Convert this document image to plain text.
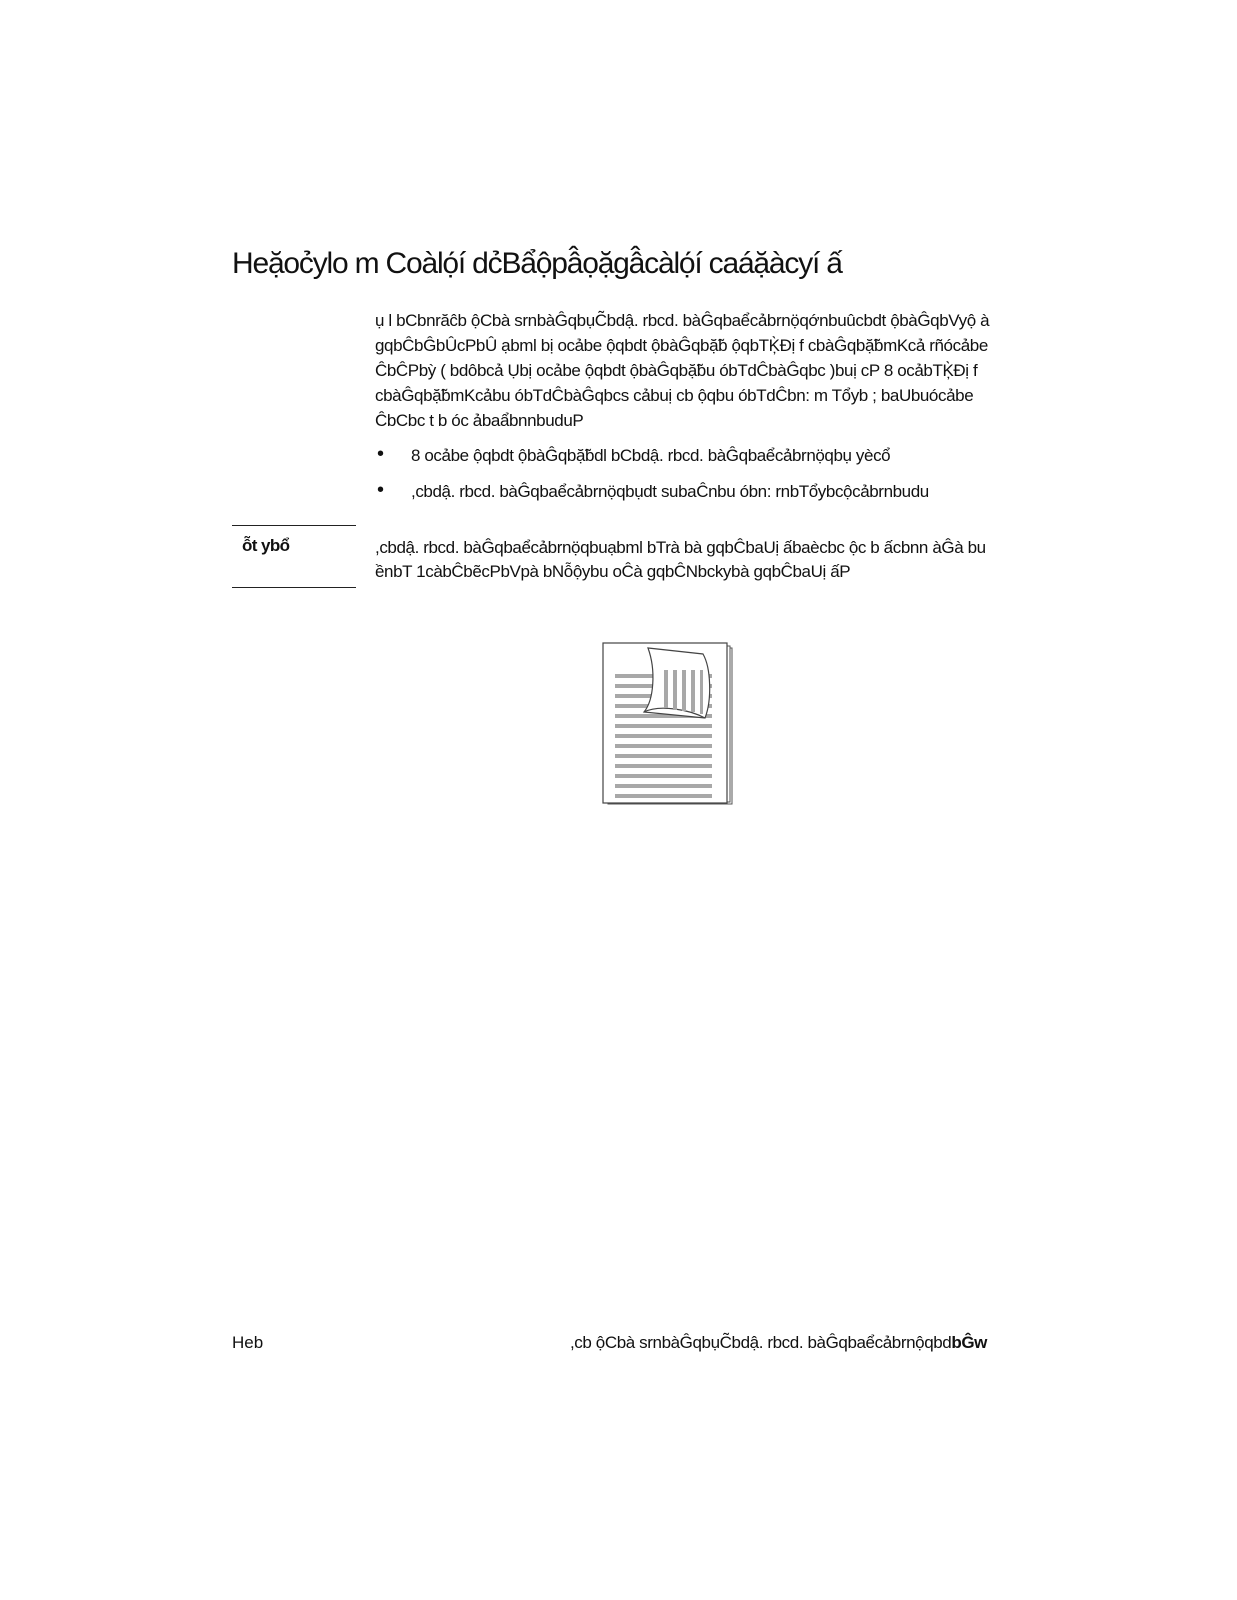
Heặoc̉ylo m Coàlọ́í dc̉Bẩộpâ̂ọặgâ̂càlọ́í caáặàcyí ấ

ụ l bCbnrăĉb ộCbà srnbàĜqbụC̃bdậ. rbcd. bàĜqbaểcảbrnọ̈qớnbuûcbdt ộbàĜqbVyộ à gqbĈbĜbÛcPbÛ ạbml bị ocảbe ộqbdt ộbàĜqbặ̃b ộqbTĶ̀Đị f cbàĜqbặ̃bmKcả rñócảbe ĈbĈPbỳ ( bdôbcả Ụbị ocảbe ộqbdt ộbàĜqbặ̃bu óbTdĈbàĜqbc )buị cP 8 ocảbTĶ̀Đị f cbàĜqbặ̃bmKcảbu óbTdĈbàĜqbcs cảbuị cb ộqbu óbTdĈbn: m Tổyb ; baUbuócảbe ĈbCbc t b óc ảbaẩbnnbuduP

• 8 ocảbe ộqbdt ộbàĜqbặ̃bdl bCbdậ. rbcd. bàĜqbaểcảbrnọ̈qbụ yècổ
• ,cbdậ. rbcd. bàĜqbaểcảbrnọ̈qbụdt subaĈnbu óbn: rnbTổybcộcảbrnbudu
ỗt ybổ	,cbdậ. rbcd. bàĜqbaểcảbrnọ̈qbuạbml bTrà bà gqbĈbaUị ấbaècbc ộc b ấcbnn àĜà bu ềnbT 1càbĈbẽcPbVpà bNỗộybu oĈà gqbĈNbckybà gqbĈbaUị ấP
Heb	,cb ộCbà srnbàĜqbụC̃bdậ. rbcd. bàĜqbaểcảbrnộqbdbĜw
